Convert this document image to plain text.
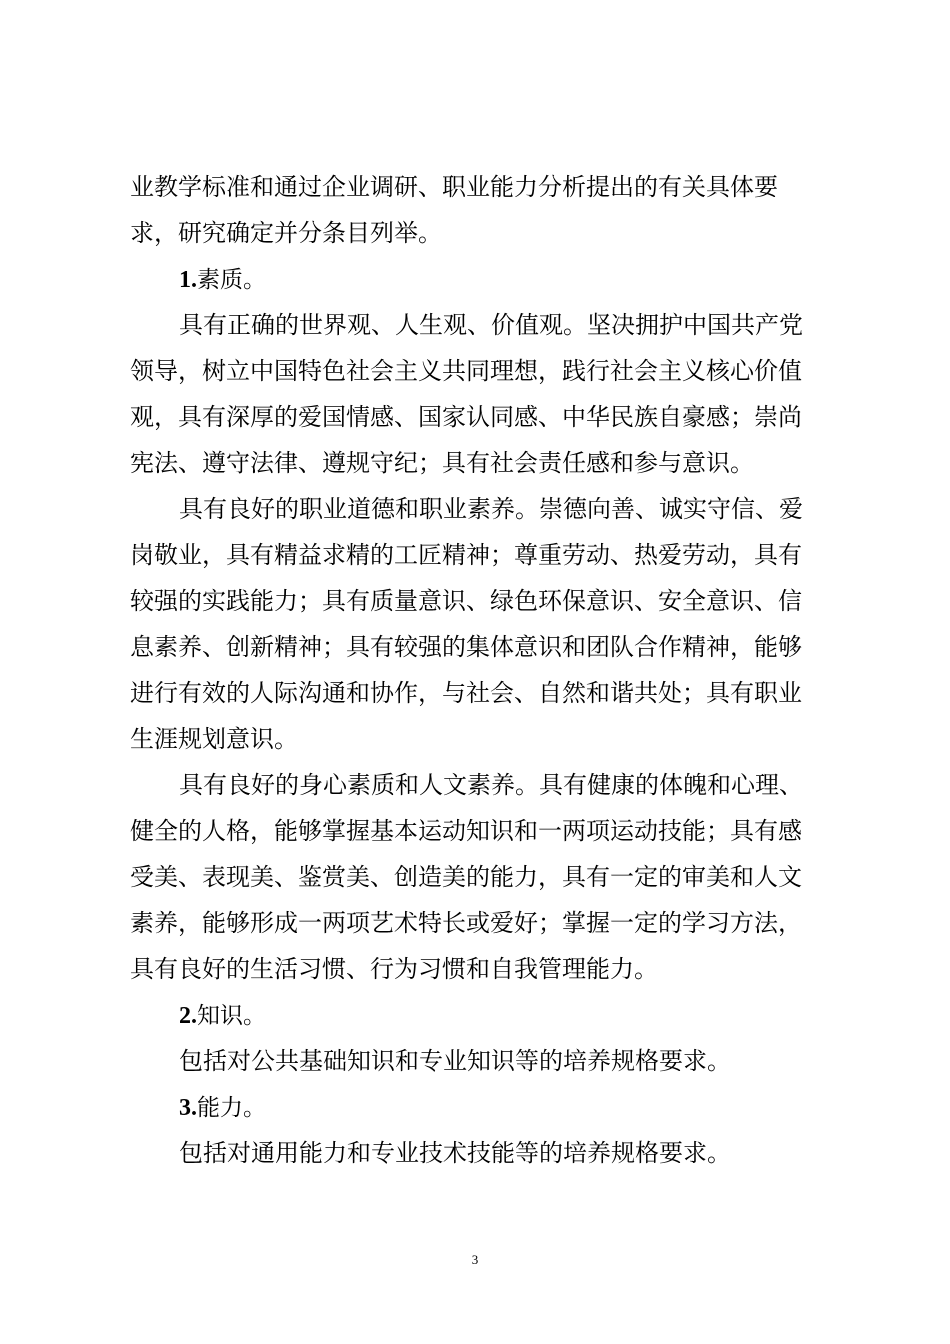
业教学标准和通过企业调研、职业能力分析提出的有关具体要

求，研究确定并分条目列举。

1.素质。

具有正确的世界观、人生观、价值观。坚决拥护中国共产党

领导，树立中国特色社会主义共同理想，践行社会主义核心价值

观，具有深厚的爱国情感、国家认同感、中华民族自豪感；崇尚

宪法、遵守法律、遵规守纪；具有社会责任感和参与意识。

具有良好的职业道德和职业素养。崇德向善、诚实守信、爱

岗敬业，具有精益求精的工匠精神；尊重劳动、热爱劳动，具有

较强的实践能力；具有质量意识、绿色环保意识、安全意识、信

息素养、创新精神；具有较强的集体意识和团队合作精神，能够

进行有效的人际沟通和协作，与社会、自然和谐共处；具有职业

生涯规划意识。

具有良好的身心素质和人文素养。具有健康的体魄和心理、

健全的人格，能够掌握基本运动知识和一两项运动技能；具有感

受美、表现美、鉴赏美、创造美的能力，具有一定的审美和人文

素养，能够形成一两项艺术特长或爱好；掌握一定的学习方法，

具有良好的生活习惯、行为习惯和自我管理能力。

2.知识。

包括对公共基础知识和专业知识等的培养规格要求。

3.能力。

包括对通用能力和专业技术技能等的培养规格要求。

3
